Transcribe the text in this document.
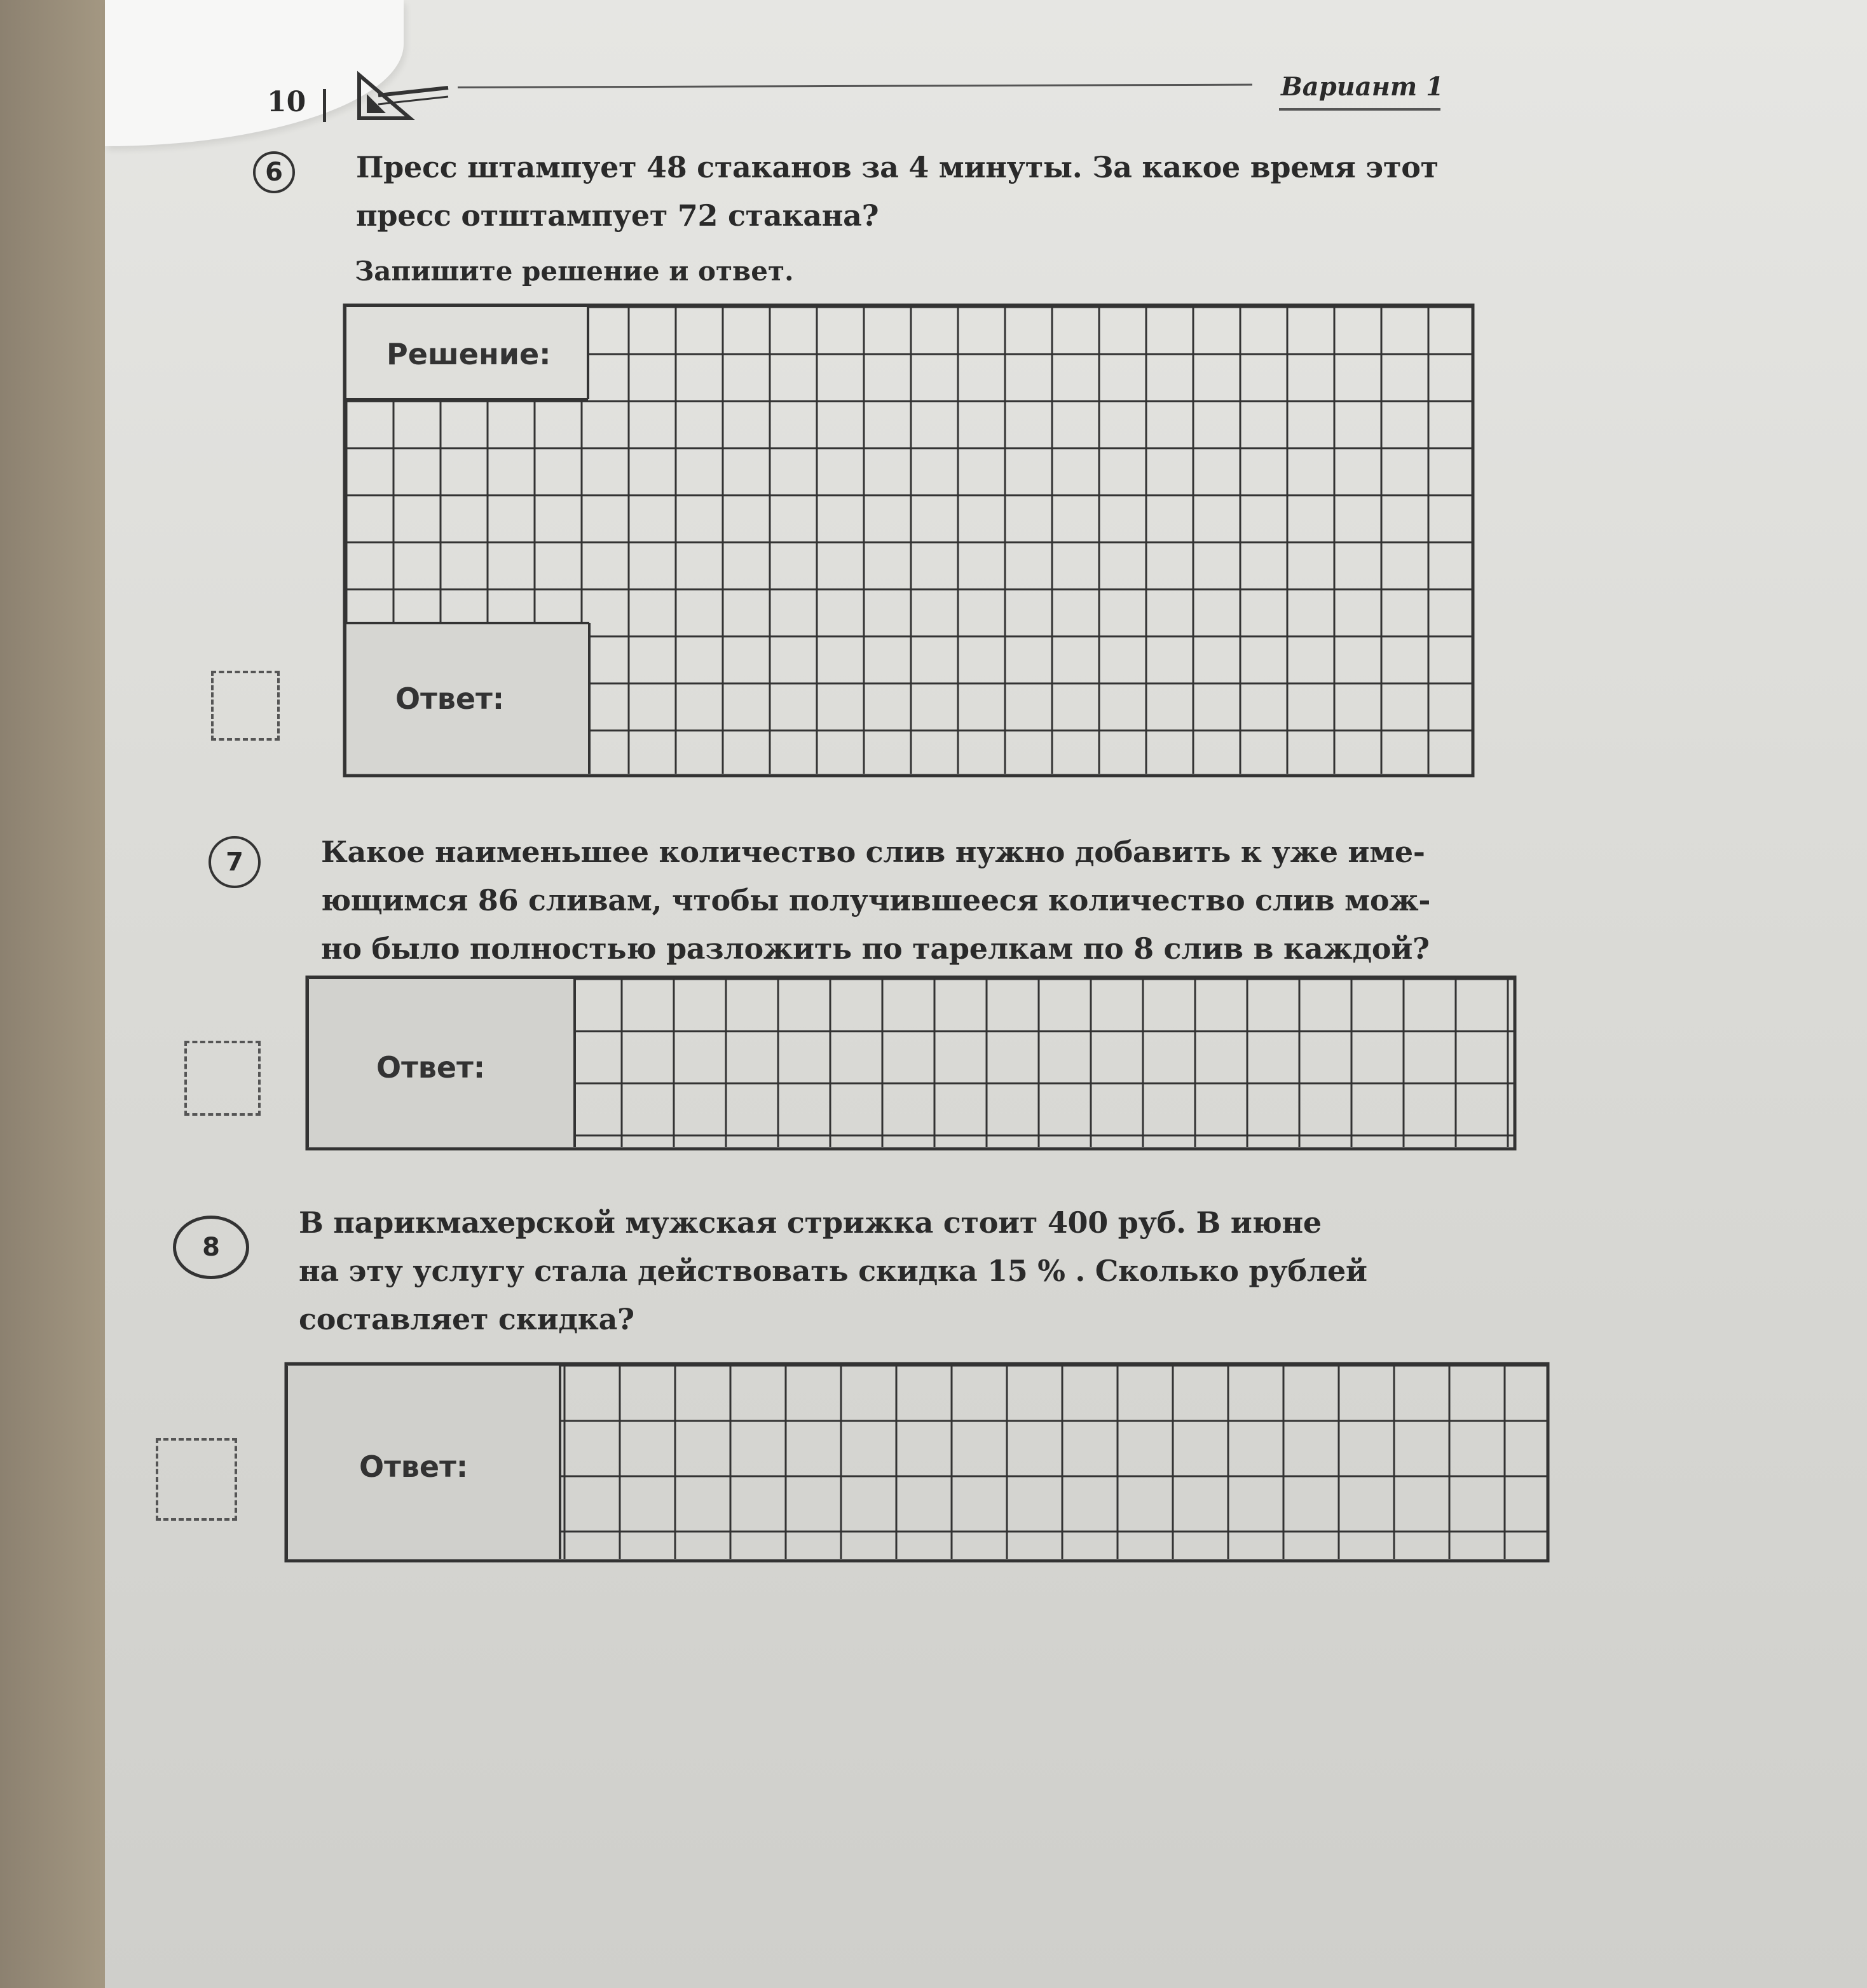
10	Вариант 1
6	Пресс штампует 48 стаканов за 4 минуты. За какое время этот

пресс отштампует 72 стакана?

Запишите решение и ответ.
Решение:
Ответ:
7	Какое наименьшее количество слив нужно добавить к уже име-

ющимся 86 сливам, чтобы получившееся количество слив мож-

но было полностью разложить по тарелкам по 8 слив в каждой?

Ответ:
8

В парикмахерской мужская стрижка стоит 400 руб. В июне

на эту услугу стала действовать скидка 15 % . Сколько рублей

составляет скидка?

Ответ:
